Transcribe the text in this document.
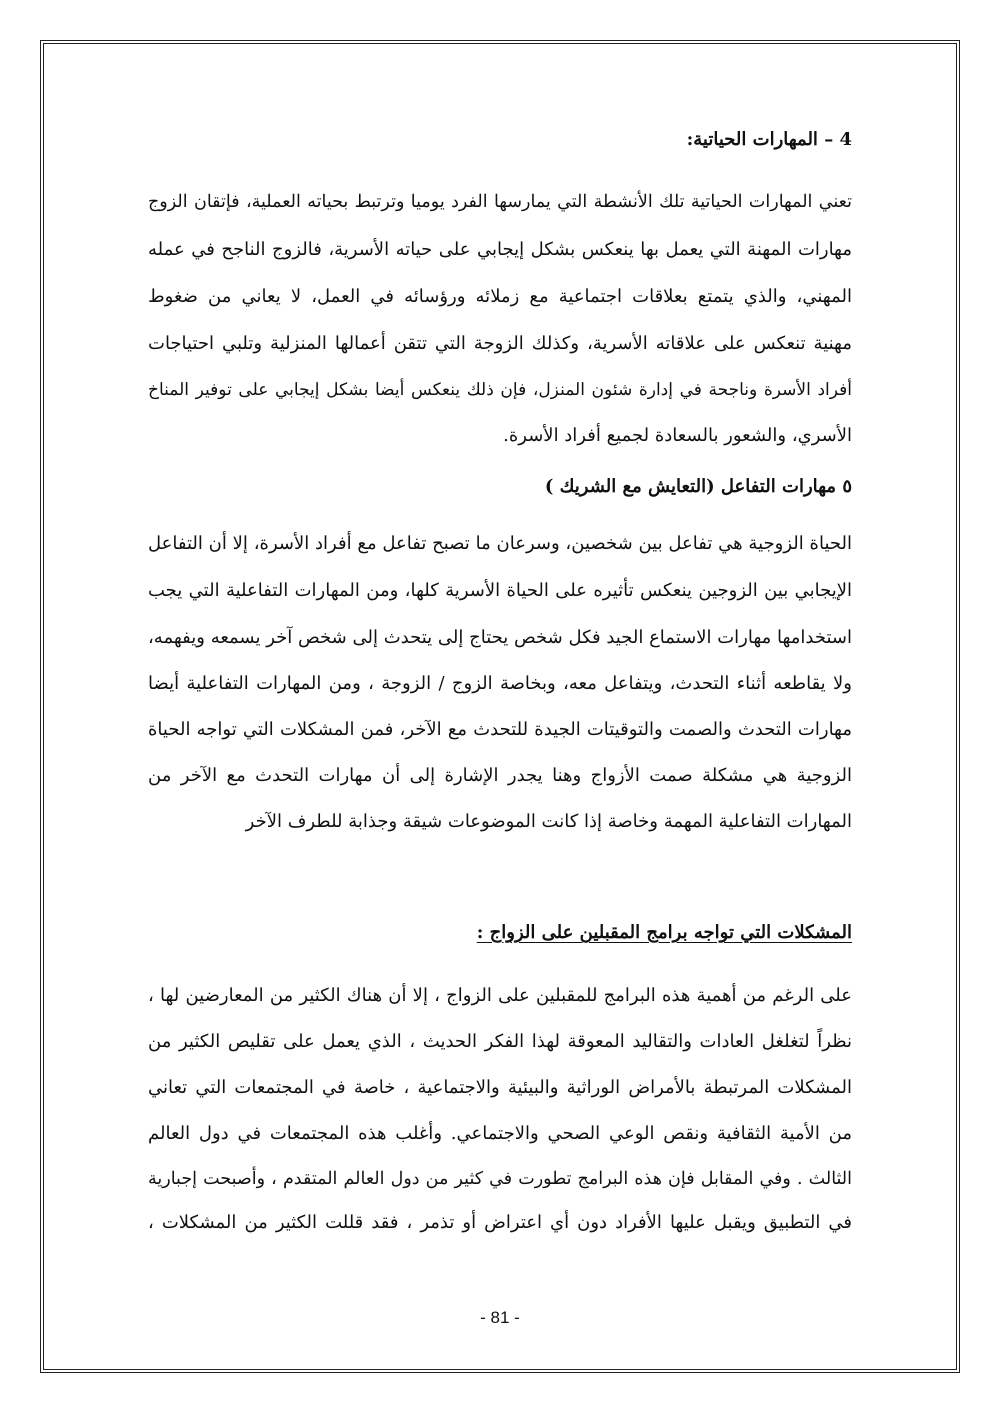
4 – المهارات الحياتية:
تعني المهارات الحياتية تلك الأنشطة التي يمارسها الفرد يوميا وترتبط بحياته العملية، فإتقان الزوج
مهارات المهنة التي يعمل بها ينعكس بشكل إيجابي على حياته الأسرية، فالزوج الناجح في عمله
المهني، والذي يتمتع بعلاقات اجتماعية مع زملائه ورؤسائه في العمل، لا يعاني من ضغوط
مهنية تنعكس على علاقاته الأسرية، وكذلك الزوجة التي تتقن أعمالها المنزلية وتلبي احتياجات
أفراد الأسرة وناجحة في إدارة شئون المنزل، فإن ذلك ينعكس أيضا بشكل إيجابي على توفير المناخ
الأسري، والشعور بالسعادة لجميع أفراد الأسرة.
٥ مهارات التفاعل (التعايش مع الشريك )
الحياة الزوجية هي تفاعل بين شخصين، وسرعان ما تصبح تفاعل مع أفراد الأسرة، إلا أن التفاعل
الإيجابي بين الزوجين ينعكس تأثيره على الحياة الأسرية كلها، ومن المهارات التفاعلية التي يجب
استخدامها مهارات الاستماع الجيد فكل شخص يحتاج إلى يتحدث إلى شخص آخر يسمعه ويفهمه،
ولا يقاطعه أثناء التحدث، ويتفاعل معه، وبخاصة الزوج / الزوجة ، ومن المهارات التفاعلية أيضا
مهارات التحدث والصمت والتوقيتات الجيدة للتحدث مع الآخر، فمن المشكلات التي تواجه الحياة
الزوجية هي مشكلة صمت الأزواج وهنا يجدر الإشارة إلى أن مهارات التحدث مع الآخر من
المهارات التفاعلية المهمة وخاصة إذا كانت الموضوعات شيقة وجذابة للطرف الآخر
المشكلات التي تواجه برامج المقبلين على الزواج :
على الرغم من أهمية هذه البرامج للمقبلين على الزواج ، إلا أن هناك الكثير من المعارضين لها ،
نظراً لتغلغل العادات والتقاليد المعوقة لهذا الفكر الحديث ، الذي يعمل على تقليص الكثير من
المشكلات المرتبطة بالأمراض الوراثية والبيئية والاجتماعية ، خاصة في المجتمعات التي تعاني
من الأمية الثقافية ونقص الوعي الصحي والاجتماعي. وأغلب هذه المجتمعات في دول العالم
الثالث . وفي المقابل فإن هذه البرامج تطورت في كثير من دول العالم المتقدم ، وأصبحت إجبارية
في التطبيق ويقبل عليها الأفراد دون أي اعتراض أو تذمر ، فقد قللت الكثير من المشكلات ،
- 81 -
